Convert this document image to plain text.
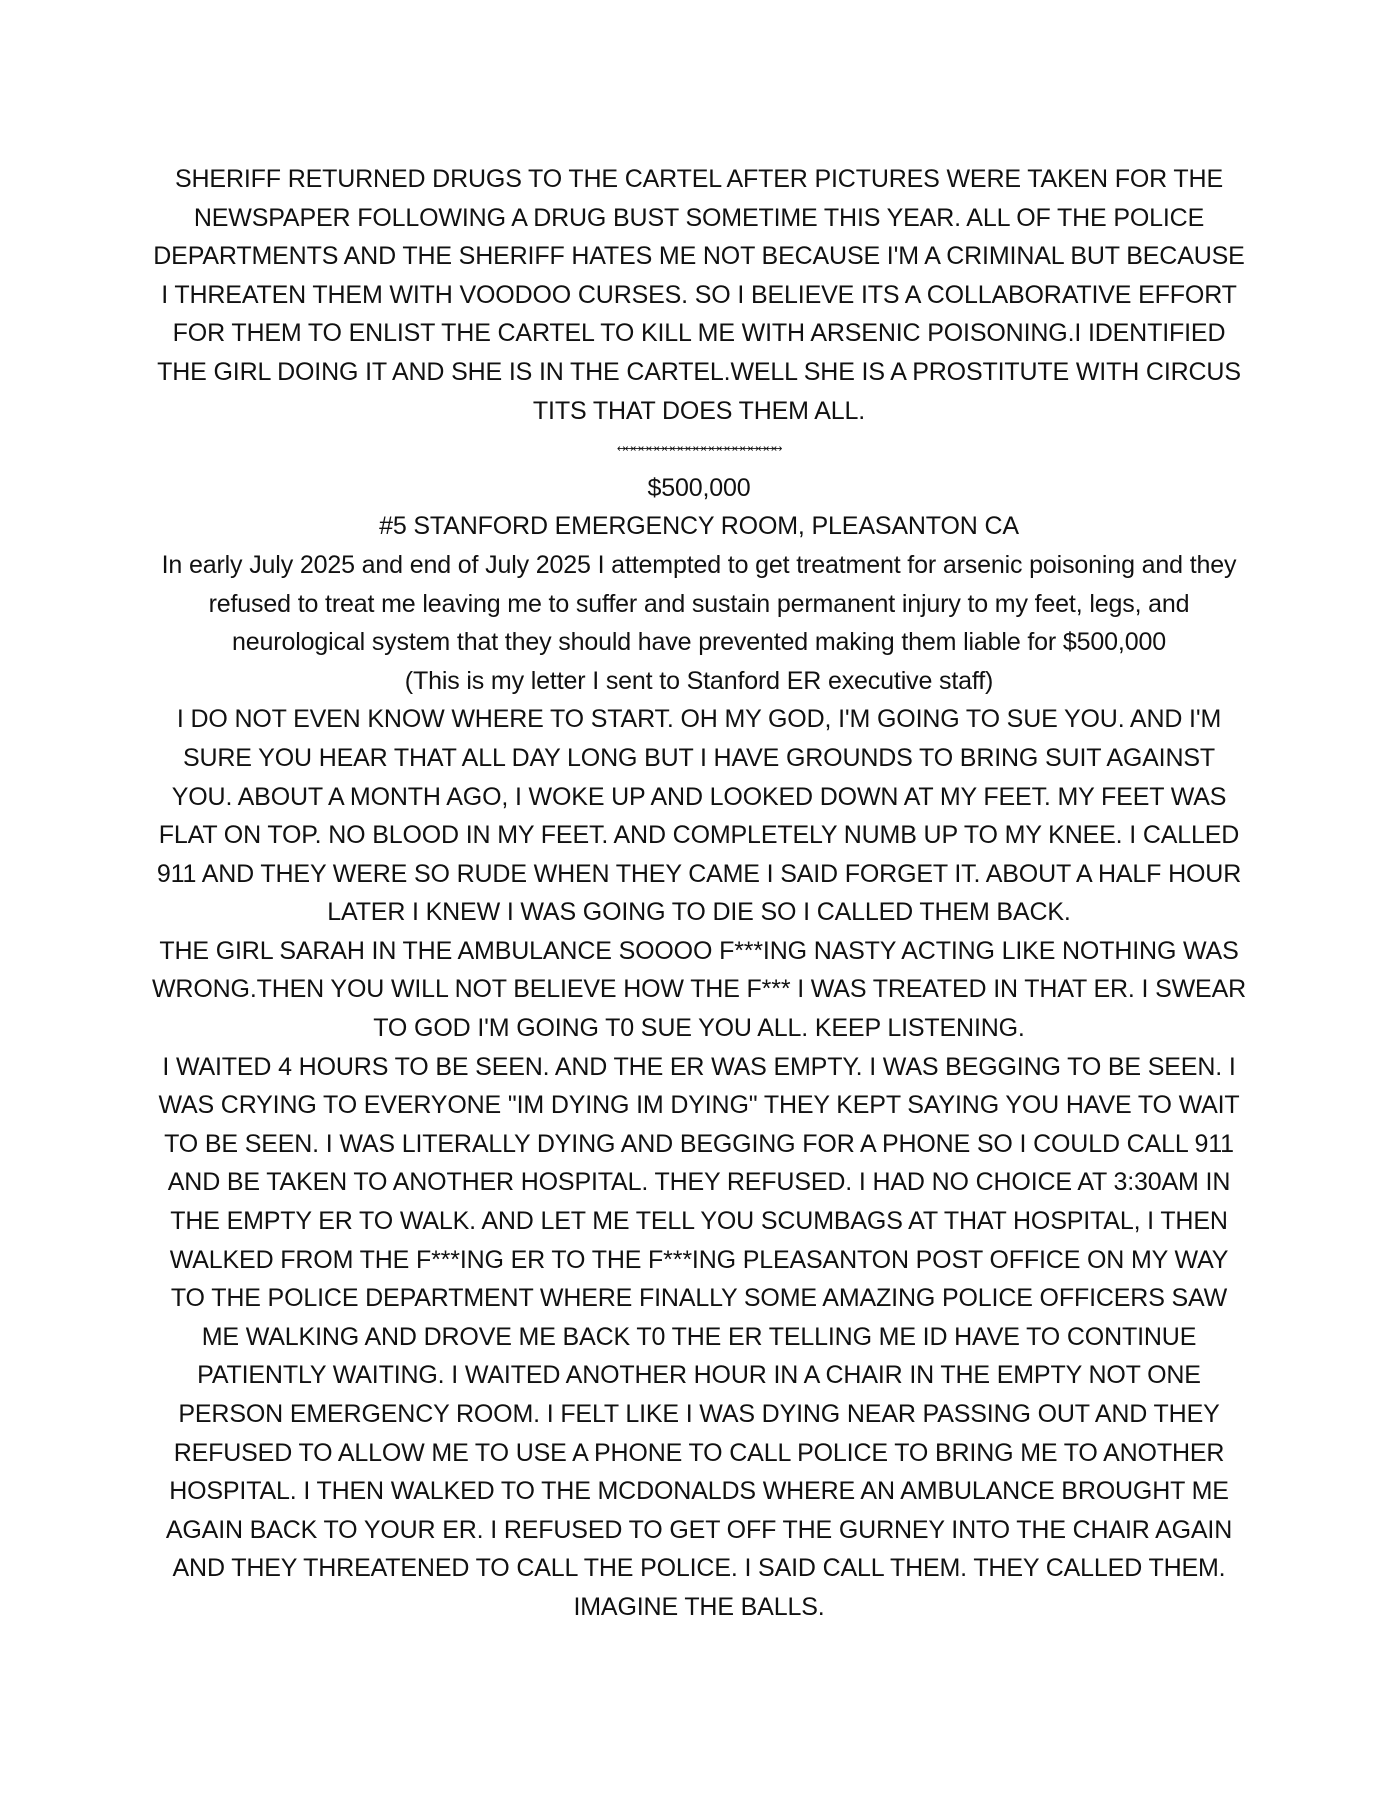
SHERIFF RETURNED DRUGS TO THE CARTEL AFTER PICTURES WERE TAKEN FOR THE NEWSPAPER FOLLOWING A DRUG BUST SOMETIME THIS YEAR. ALL OF THE POLICE DEPARTMENTS AND THE SHERIFF HATES ME NOT BECAUSE I'M A CRIMINAL BUT BECAUSE I THREATEN THEM WITH VOODOO CURSES. SO I BELIEVE ITS A COLLABORATIVE EFFORT FOR THEM TO ENLIST THE CARTEL TO KILL ME WITH ARSENIC POISONING.I IDENTIFIED THE GIRL DOING IT AND SHE IS IN THE CARTEL.WELL SHE IS A PROSTITUTE WITH CIRCUS TITS THAT DOES THEM ALL.

↔↔↔↔↔↔↔↔↔↔↔↔↔↔↔↔↔↔↔↔↔

$500,000

#5 STANFORD EMERGENCY ROOM, PLEASANTON CA

In early July 2025 and end of July 2025 I attempted to get treatment for arsenic poisoning and they refused to treat me leaving me to suffer and sustain permanent injury to my feet, legs, and neurological system that they should have prevented making them liable for $500,000

(This is my letter I sent to Stanford ER executive staff)

I DO NOT EVEN KNOW WHERE TO START. OH MY GOD, I'M GOING TO SUE YOU. AND I'M SURE YOU HEAR THAT ALL DAY LONG BUT I HAVE GROUNDS TO BRING SUIT AGAINST YOU. ABOUT A MONTH AGO, I WOKE UP AND LOOKED DOWN AT MY FEET. MY FEET WAS FLAT ON TOP. NO BLOOD IN MY FEET. AND COMPLETELY NUMB UP TO MY KNEE. I CALLED 911 AND THEY WERE SO RUDE WHEN THEY CAME I SAID FORGET IT. ABOUT A HALF HOUR LATER I KNEW I WAS GOING TO DIE SO I CALLED THEM BACK.

THE GIRL SARAH IN THE AMBULANCE SOOOO F***ING NASTY ACTING LIKE NOTHING WAS WRONG.THEN YOU WILL NOT BELIEVE HOW THE F*** I WAS TREATED IN THAT ER. I SWEAR TO GOD I'M GOING T0 SUE YOU ALL. KEEP LISTENING.

I WAITED 4 HOURS TO BE SEEN. AND THE ER WAS EMPTY. I WAS BEGGING TO BE SEEN. I WAS CRYING TO EVERYONE "IM DYING IM DYING" THEY KEPT SAYING YOU HAVE TO WAIT TO BE SEEN. I WAS LITERALLY DYING AND BEGGING FOR A PHONE SO I COULD CALL 911 AND BE TAKEN TO ANOTHER HOSPITAL. THEY REFUSED. I HAD NO CHOICE AT 3:30AM IN THE EMPTY ER TO WALK. AND LET ME TELL YOU SCUMBAGS AT THAT HOSPITAL, I THEN WALKED FROM THE F***ING ER TO THE F***ING PLEASANTON POST OFFICE ON MY WAY TO THE POLICE DEPARTMENT WHERE FINALLY SOME AMAZING POLICE OFFICERS SAW ME WALKING AND DROVE ME BACK T0 THE ER TELLING ME ID HAVE TO CONTINUE PATIENTLY WAITING. I WAITED ANOTHER HOUR IN A CHAIR IN THE EMPTY NOT ONE PERSON EMERGENCY ROOM. I FELT LIKE I WAS DYING NEAR PASSING OUT AND THEY REFUSED TO ALLOW ME TO USE A PHONE TO CALL POLICE TO BRING ME TO ANOTHER HOSPITAL. I THEN WALKED TO THE MCDONALDS WHERE AN AMBULANCE BROUGHT ME AGAIN BACK TO YOUR ER. I REFUSED TO GET OFF THE GURNEY INTO THE CHAIR AGAIN AND THEY THREATENED TO CALL THE POLICE. I SAID CALL THEM. THEY CALLED THEM. IMAGINE THE BALLS.
